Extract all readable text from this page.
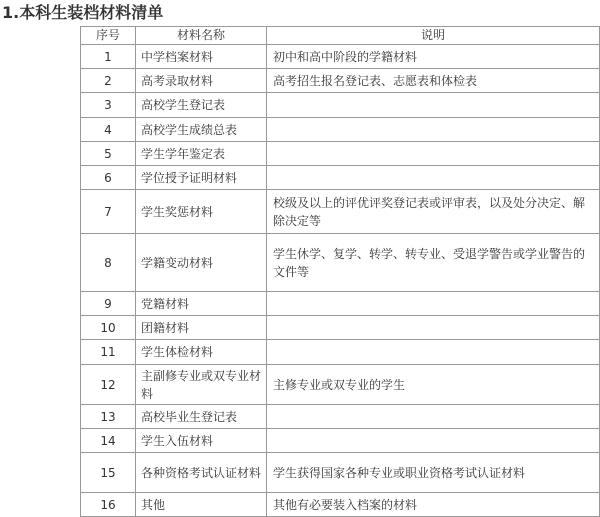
1.本科生装档材料清单
序号	材料名称	说明
1	中学档案材料	初中和高中阶段的学籍材料
2	高考录取材料	高考招生报名登记表、志愿表和体检表
3	高校学生登记表	
4	高校学生成绩总表	
5	学生学年鉴定表	
6	学位授予证明材料	
7	学生奖惩材料	校级及以上的评优评奖登记表或评审表，以及处分决定、解除决定等
8	学籍变动材料	学生休学、复学、转学、转专业、受退学警告或学业警告的文件等
9	党籍材料	
10	团籍材料	
11	学生体检材料	
12	主副修专业或双专业材料	主修专业或双专业的学生
13	高校毕业生登记表	
14	学生入伍材料	
15	各种资格考试认证材料	学生获得国家各种专业或职业资格考试认证材料
16	其他	其他有必要装入档案的材料
